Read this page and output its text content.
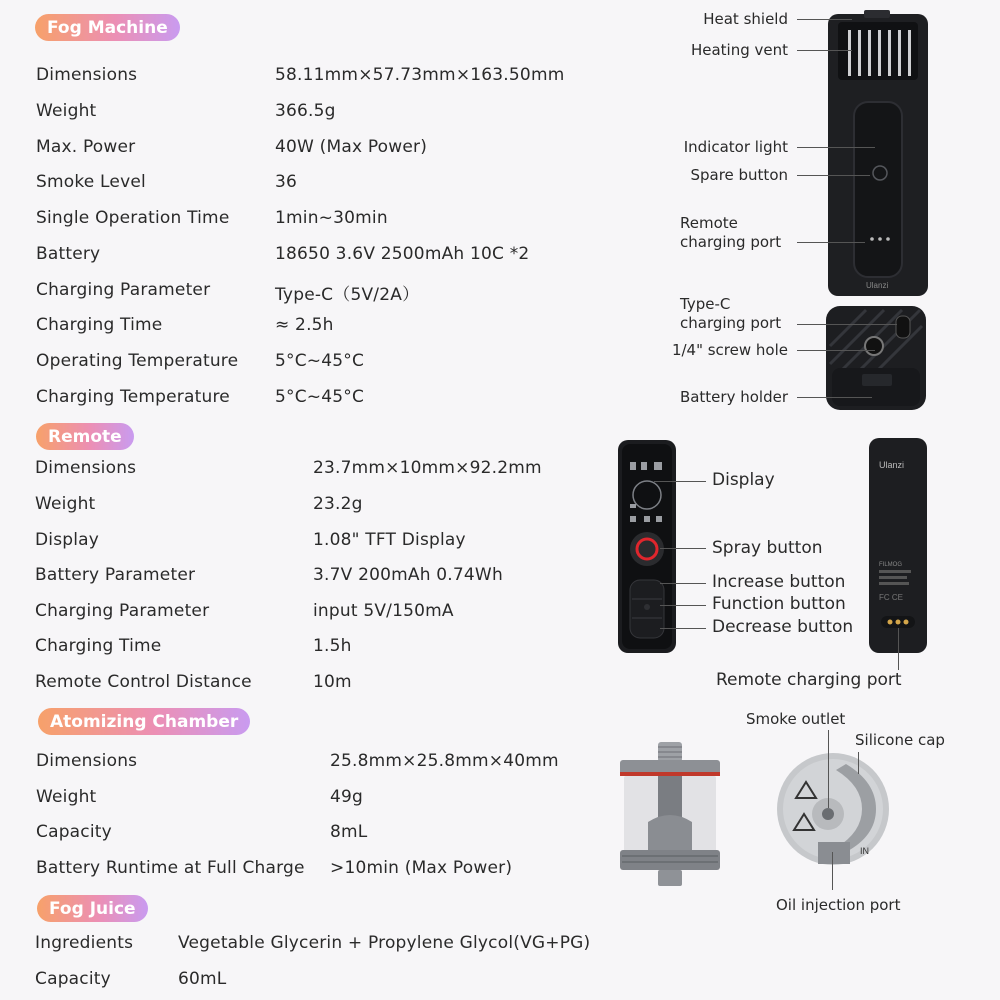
Fog Machine
Dimensions	58.11mm×57.73mm×163.50mm
Weight	366.5g
Max. Power	40W (Max Power)
Smoke Level	36
Single Operation Time	1min~30min
Battery	18650 3.6V 2500mAh 10C *2
Charging Parameter	Type-C（5V/2A）
Charging Time	≈ 2.5h
Operating Temperature 5°C~45°C
Charging Temperature	5°C~45°C
Remote
Dimensions	23.7mm×10mm×92.2mm
Weight	23.2g
Display	1.08" TFT Display
Battery Parameter	3.7V 200mAh 0.74Wh
Charging Parameter	input 5V/150mA
Charging Time	1.5h
Remote Control Distance	10m
Atomizing Chamber
Dimensions	25.8mm×25.8mm×40mm
Weight	49g
Capacity	8mL
Battery Runtime at Full Charge >10min (Max Power)
Fog Juice
Ingredients	Vegetable Glycerin + Propylene Glycol(VG+PG)
Capacity	60mL
Ulanzi
Heat shield
Heating vent
Indicator light
Spare button
Remote
charging port
Type-C
charging port
1/4" screw hole
Battery holder
Ulanzi
FILMOG
FC CE
Display
Spray button
Increase button
Function button
Decrease button
Remote charging port
IN
Smoke outlet
Silicone cap
Oil injection port
